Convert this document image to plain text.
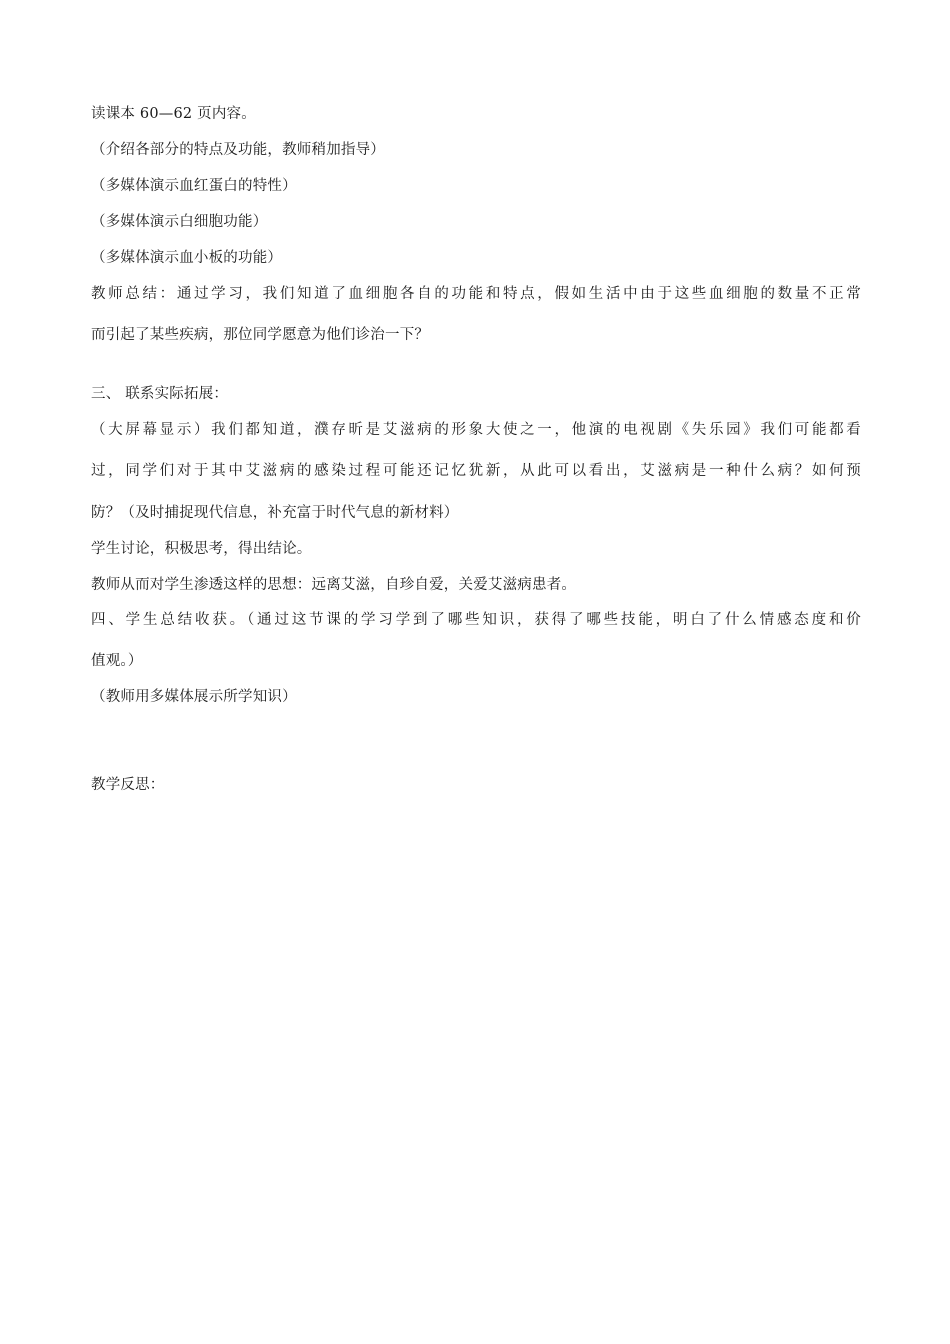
读课本 60—62 页内容。
（介绍各部分的特点及功能，教师稍加指导）
（多媒体演示血红蛋白的特性）
（多媒体演示白细胞功能）
（多媒体演示血小板的功能）
教师总结：通过学习，我们知道了血细胞各自的功能和特点，假如生活中由于这些血细胞的数量不正常
而引起了某些疾病，那位同学愿意为他们诊治一下？
三、 联系实际拓展：
（大屏幕显示）我们都知道，濮存昕是艾滋病的形象大使之一，他演的电视剧《失乐园》我们可能都看
过，同学们对于其中艾滋病的感染过程可能还记忆犹新，从此可以看出，艾滋病是一种什么病？如何预
防？（及时捕捉现代信息，补充富于时代气息的新材料）
学生讨论，积极思考，得出结论。
教师从而对学生渗透这样的思想：远离艾滋，自珍自爱，关爱艾滋病患者。
四、学生总结收获。（通过这节课的学习学到了哪些知识，获得了哪些技能，明白了什么情感态度和价
值观。）
（教师用多媒体展示所学知识）
教学反思：
